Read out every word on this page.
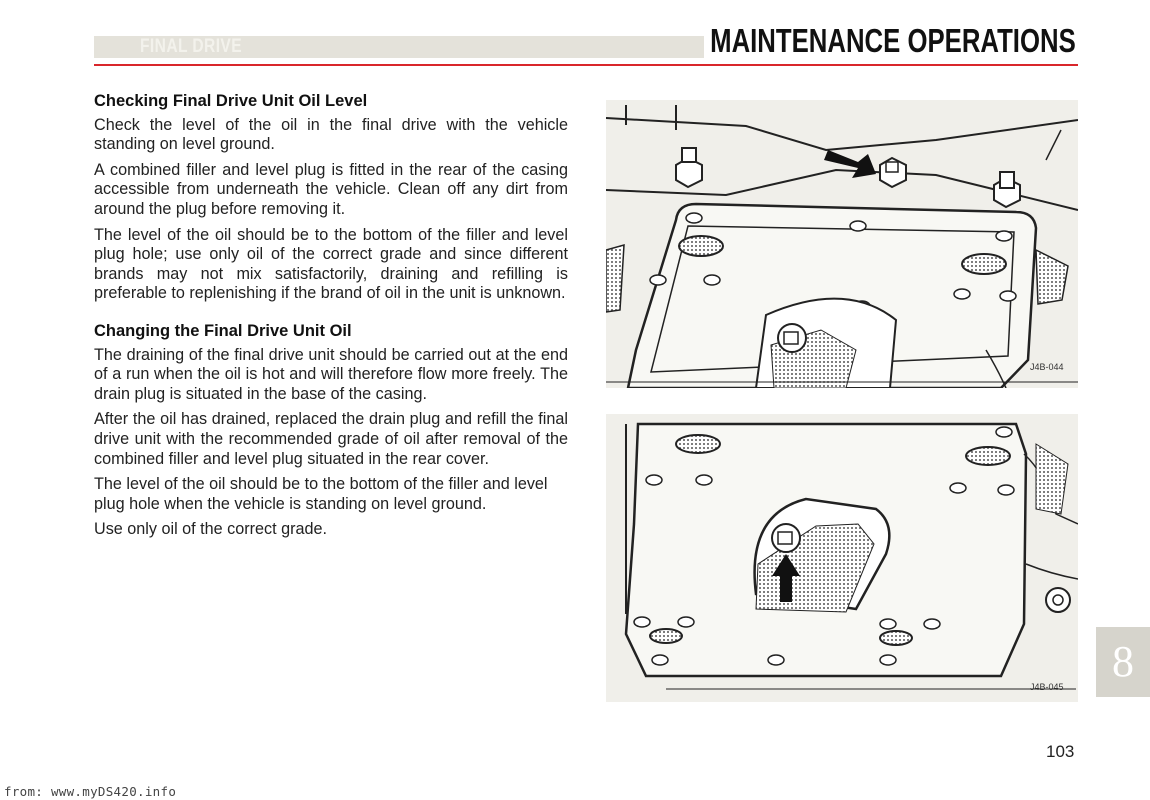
FINAL DRIVE	MAINTENANCE OPERATIONS
Checking Final Drive Unit Oil Level

Check the level of the oil in the final drive with the vehicle standing on level ground.

A combined filler and level plug is fitted in the rear of the casing accessible from underneath the vehicle. Clean off any dirt from around the plug before removing it.

The level of the oil should be to the bottom of the filler and level plug hole; use only oil of the correct grade and since different brands may not mix satisfactorily, draining and refilling is preferable to replenishing if the brand of oil in the unit is unknown.

Changing the Final Drive Unit Oil

The draining of the final drive unit should be carried out at the end of a run when the oil is hot and will therefore flow more freely. The drain plug is situated in the base of the casing.

After the oil has drained, replaced the drain plug and refill the final drive unit with the recommended grade of oil after removal of the combined filler and level plug situated in the rear cover.

The level of the oil should be to the bottom of the filler and level plug hole when the vehicle is standing on level ground.

Use only oil of the correct grade.

J4B-044
J4B-045
8
103
from: www.myDS420.info
